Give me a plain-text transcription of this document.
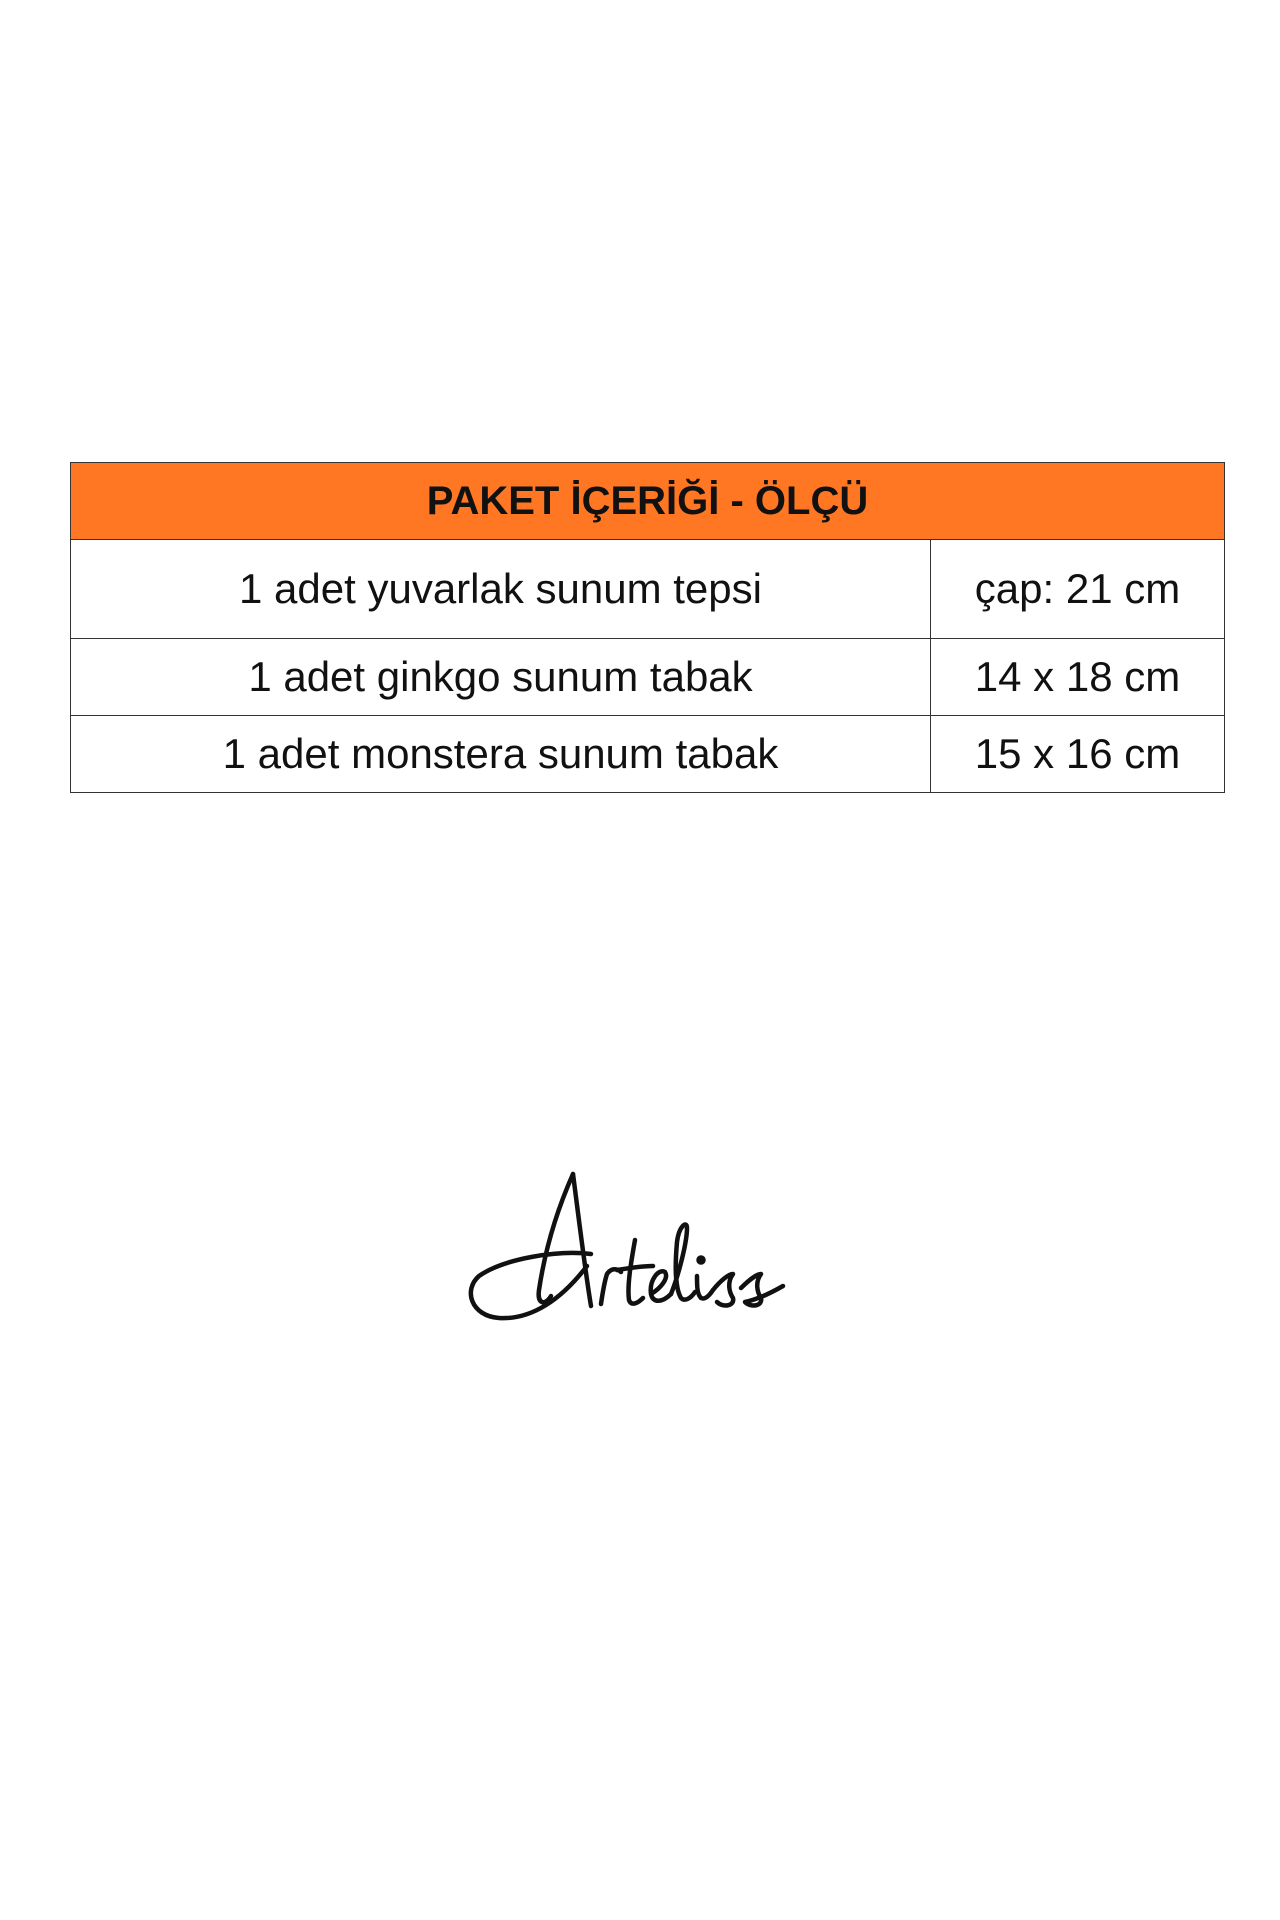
PAKET İÇERİĞİ - ÖLÇÜ	
1 adet yuvarlak sunum tepsi	çap: 21 cm
1 adet ginkgo sunum tabak	14 x 18 cm
1 adet monstera sunum tabak	15 x 16 cm
